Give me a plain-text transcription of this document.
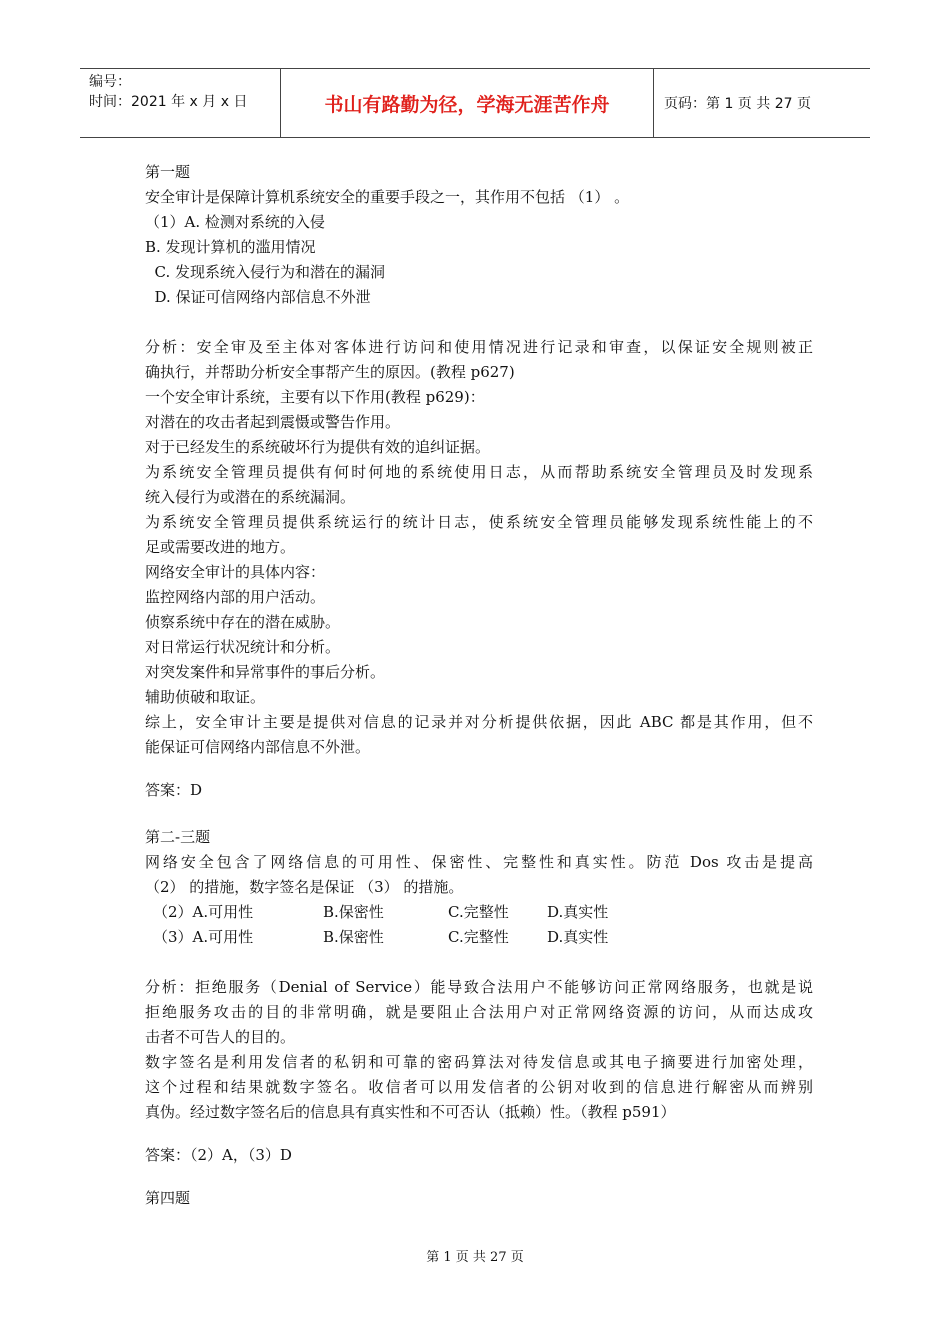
编号：
时间：2021 年 x 月 x 日	书山有路勤为径，学海无涯苦作舟	页码：第 1 页 共 27 页
第一题
安全审计是保障计算机系统安全的重要手段之一，其作用不包括 （1） 。
（1）A. 检测对系统的入侵
B. 发现计算机的滥用情况
C. 发现系统入侵行为和潜在的漏洞
D. 保证可信网络内部信息不外泄
分析：安全审及至主体对客体进行访问和使用情况进行记录和审查，以保证安全规则被正
确执行，并帮助分析安全事帮产生的原因。(教程 p627)
一个安全审计系统，主要有以下作用(教程 p629)：
对潜在的攻击者起到震慑或警告作用。
对于已经发生的系统破坏行为提供有效的追纠证据。
为系统安全管理员提供有何时何地的系统使用日志，从而帮助系统安全管理员及时发现系
统入侵行为或潜在的系统漏洞。
为系统安全管理员提供系统运行的统计日志，使系统安全管理员能够发现系统性能上的不
足或需要改进的地方。
网络安全审计的具体内容：
监控网络内部的用户活动。
侦察系统中存在的潜在威胁。
对日常运行状况统计和分析。
对突发案件和异常事件的事后分析。
辅助侦破和取证。
综上，安全审计主要是提供对信息的记录并对分析提供依据，因此 ABC 都是其作用，但不
能保证可信网络内部信息不外泄。
答案：D
第二-三题
网络安全包含了网络信息的可用性、保密性、完整性和真实性。防范 Dos 攻击是提高
（2） 的措施，数字签名是保证 （3） 的措施。
（2）A.可用性	B.保密性	C.完整性	D.真实性
（3）A.可用性	B.保密性	C.完整性	D.真实性
分析：拒绝服务（Denial of Service）能导致合法用户不能够访问正常网络服务，也就是说
拒绝服务攻击的目的非常明确，就是要阻止合法用户对正常网络资源的访问，从而达成攻
击者不可告人的目的。
数字签名是利用发信者的私钥和可靠的密码算法对待发信息或其电子摘要进行加密处理，
这个过程和结果就数字签名。收信者可以用发信者的公钥对收到的信息进行解密从而辨别
真伪。经过数字签名后的信息具有真实性和不可否认（抵赖）性。（教程 p591）
答案：（2）A，（3）D
第四题
第 1 页 共 27 页
